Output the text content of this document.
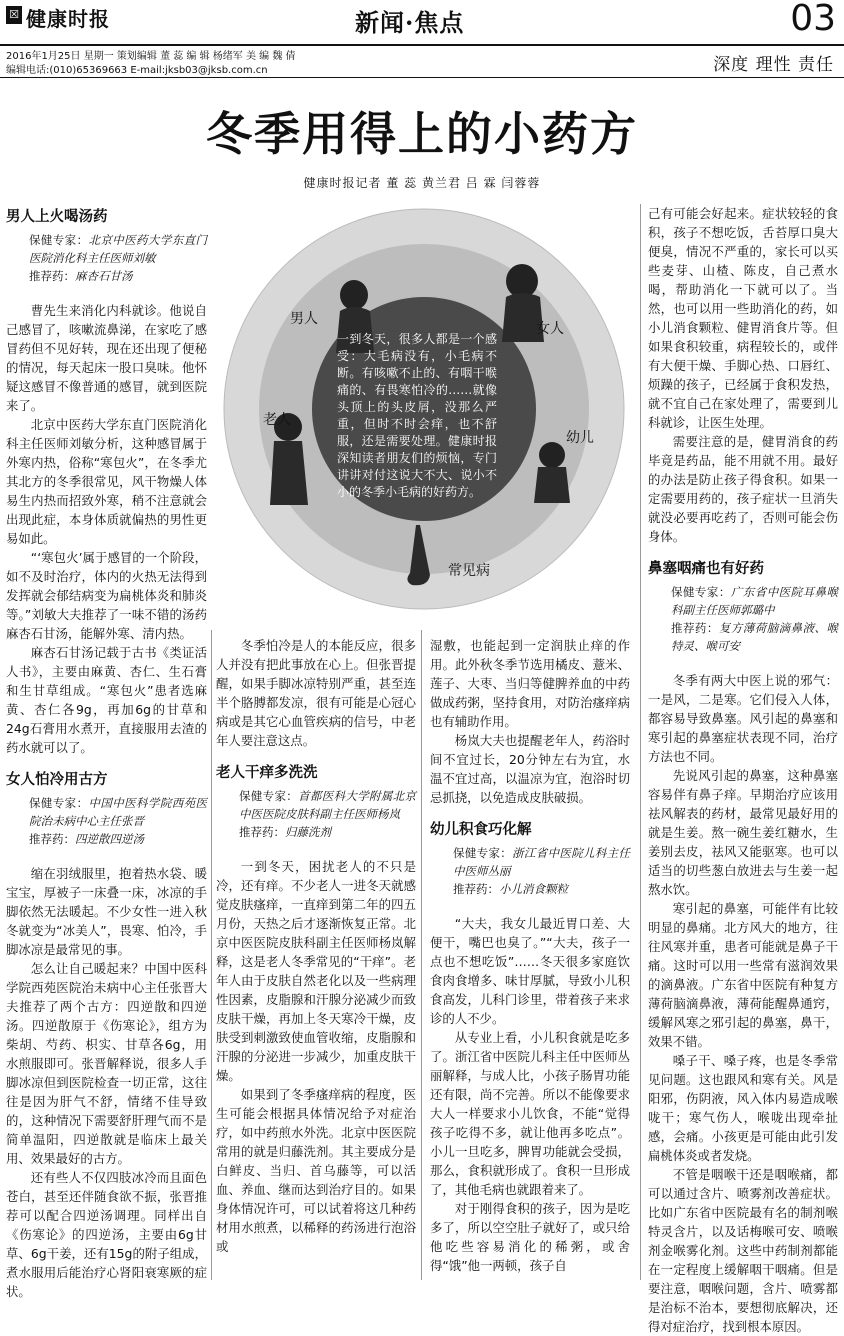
☒ 健康时报	新闻·焦点	03
2016年1月25日 星期一 策划编辑 董 蕊 编 辑 杨绪军 美 编 魏 倩
编辑电话:(010)65369663 E-mail:jksb03@jksb.com.cn	深度 理性 责任
冬季用得上的小药方
健康时报记者 董 蕊 黄兰君 吕 霖 闫蓉蓉
男人
女人
老人
幼儿
常见病
一到冬天，很多人都是一个感受：大毛病没有，小毛病不断。有咳嗽不止的、有咽干喉痛的、有畏寒怕冷的……就像头顶上的头皮屑，没那么严重，但时不时会痒，也不舒服，还是需要处理。健康时报深知读者朋友们的烦恼，专门讲讲对付这说大不大、说小不小的冬季小毛病的好药方。
男人上火喝汤药
保健专家：北京中医药大学东直门医院消化科主任医师刘敏
推荐药：麻杏石甘汤

曹先生来消化内科就诊。他说自己感冒了，咳嗽流鼻涕，在家吃了感冒药但不见好转，现在还出现了便秘的情况，每天起床一股口臭味。他怀疑这感冒不像普通的感冒，就到医院来了。

北京中医药大学东直门医院消化科主任医师刘敏分析，这种感冒属于外寒内热，俗称“寒包火”，在冬季尤其北方的冬季很常见，风干物燥人体易生内热而招致外寒，稍不注意就会出现此症，本身体质就偏热的男性更易如此。

“‘寒包火’属于感冒的一个阶段，如不及时治疗，体内的火热无法得到发挥就会郁结病变为扁桃体炎和肺炎等。”刘敏大夫推荐了一味不错的汤药麻杏石甘汤，能解外寒、清内热。

麻杏石甘汤记载于古书《类证活人书》，主要由麻黄、杏仁、生石膏和生甘草组成。“寒包火”患者选麻黄、杏仁各9g，再加6g的甘草和24g石膏用水煮开，直接服用去渣的药水就可以了。

女人怕冷用古方
保健专家：中国中医科学院西苑医院治未病中心主任张晋
推荐药：四逆散四逆汤

缩在羽绒服里，抱着热水袋、暖宝宝，厚被子一床叠一床，冰凉的手脚依然无法暖起。不少女性一进入秋冬就变为“冰美人”，畏寒、怕冷，手脚冰凉是最常见的事。

怎么让自己暖起来？中国中医科学院西苑医院治未病中心主任张晋大夫推荐了两个古方：四逆散和四逆汤。四逆散原于《伤寒论》，组方为柴胡、芍药、枳实、甘草各6g，用水煎服即可。张晋解释说，很多人手脚冰凉但到医院检查一切正常，这往往是因为肝气不舒，情绪不佳导致的，这种情况下需要舒肝理气而不是简单温阳，四逆散就是临床上最关用、效果最好的古方。

还有些人不仅四肢冰冷而且面色苍白，甚至还伴随食欲不振，张晋推荐可以配合四逆汤调理。同样出自《伤寒论》的四逆汤，主要由6g甘草、6g干姜，还有15g的附子组成，煮水服用后能治疗心肾阳衰寒厥的症状。

冬季怕冷是人的本能反应，很多人并没有把此事放在心上。但张晋提醒，如果手脚冰凉特别严重，甚至连半个胳膊都发凉，很有可能是心冠心病或是其它心血管疾病的信号，中老年人要注意这点。

老人干痒多洗洗
保健专家：首都医科大学附属北京中医医院皮肤科副主任医师杨岚
推荐药：归藤洗剂

一到冬天，困扰老人的不只是冷，还有痒。不少老人一进冬天就感觉皮肤瘙痒，一直痒到第二年的四五月份，天热之后才逐渐恢复正常。北京中医医院皮肤科副主任医师杨岚解释，这是老人冬季常见的“干痒”。老年人由于皮肤自然老化以及一些病理性因素，皮脂腺和汗腺分泌减少而致皮肤干燥，再加上冬天寒冷干燥，皮肤受到刺激致使血管收缩，皮脂腺和汗腺的分泌进一步减少，加重皮肤干燥。

如果到了冬季瘙痒病的程度，医生可能会根据具体情况给予对症治疗，如中药煎水外洗。北京中医医院常用的就是归藤洗剂。其主要成分是白鲜皮、当归、首乌藤等，可以活血、养血、继而达到治疗目的。如果身体情况许可，可以试着将这几种药材用水煎煮，以稀释的药汤进行泡浴或

湿敷，也能起到一定润肤止痒的作用。此外秋冬季节选用橘皮、薏米、莲子、大枣、当归等健脾养血的中药做成药粥，坚持食用，对防治瘙痒病也有辅助作用。

杨岚大夫也提醒老年人，药浴时间不宜过长，20分钟左右为宜，水温不宜过高，以温凉为宜，泡浴时切忌抓挠，以免造成皮肤破损。

幼儿积食巧化解
保健专家：浙江省中医院儿科主任中医师丛丽
推荐药：小儿消食颗粒

“大夫，我女儿最近胃口差、大便干，嘴巴也臭了。”“大夫，孩子一点也不想吃饭”……冬天很多家庭饮食肉食增多、味甘厚腻，导致小儿积食高发，儿科门诊里，带着孩子来求诊的人不少。

从专业上看，小儿积食就是吃多了。浙江省中医院儿科主任中医师丛丽解释，与成人比，小孩子肠胃功能还有限，尚不完善。所以不能像要求大人一样要求小儿饮食，不能“觉得孩子吃得不多，就让他再多吃点”。小儿一旦吃多，脾胃功能就会受损，那么，食积就形成了。食积一旦形成了，其他毛病也就跟着来了。

对于刚得食积的孩子，因为是吃多了，所以空空肚子就好了，或只给他吃些容易消化的稀粥，或舍得“饿”他一两顿，孩子自

己有可能会好起来。症状较轻的食积，孩子不想吃饭，舌苔厚口臭大便臭，情况不严重的，家长可以买些麦芽、山楂、陈皮，自己煮水喝，帮助消化一下就可以了。当然，也可以用一些助消化的药，如小儿消食颗粒、健胃消食片等。但如果食积较重，病程较长的，或伴有大便干燥、手脚心热、口唇红、烦躁的孩子，已经属于食积发热，就不宜自己在家处理了，需要到儿科就诊，让医生处理。

需要注意的是，健胃消食的药毕竟是药品，能不用就不用。最好的办法是防止孩子得食积。如果一定需要用药的，孩子症状一旦消失就没必要再吃药了，否则可能会伤身体。

鼻塞咽痛也有好药
保健专家：广东省中医院耳鼻喉科副主任医师郭璐中
推荐药：复方薄荷脑滴鼻液、喉特灵、喉可安

冬季有两大中医上说的邪气：一是风，二是寒。它们侵入人体，都容易导致鼻塞。风引起的鼻塞和寒引起的鼻塞症状表现不同，治疗方法也不同。

先说风引起的鼻塞，这种鼻塞容易伴有鼻子痒。早期治疗应该用祛风解表的药材，最常见最好用的就是生姜。熬一碗生姜红糖水，生姜别去皮，祛风又能驱寒。也可以适当的切些葱白放进去与生姜一起熬水饮。

寒引起的鼻塞，可能伴有比较明显的鼻痛。北方风大的地方，往往风寒并重，患者可能就是鼻子干痛。这时可以用一些常有滋润效果的滴鼻液。广东省中医院有种复方薄荷脑滴鼻液，薄荷能醒鼻通窍，缓解风寒之邪引起的鼻塞，鼻干，效果不错。

嗓子干、嗓子疼，也是冬季常见问题。这也跟风和寒有关。风是阳邪，伤阴液，风入体内易造成喉咙干；寒气伤人，喉咙出现牵扯感，会痛。小孩更是可能由此引发扁桃体炎或者发烧。

不管是咽喉干还是咽喉痛，都可以通过含片、喷雾剂改善症状。比如广东省中医院最有名的制剂喉特灵含片，以及话梅喉可安、喷喉剂金喉雾化剂。这些中药制剂都能在一定程度上缓解咽干咽痛。但是要注意，咽喉问题，含片、喷雾都是治标不治本，要想彻底解决，还得对症治疗，找到根本原因。
